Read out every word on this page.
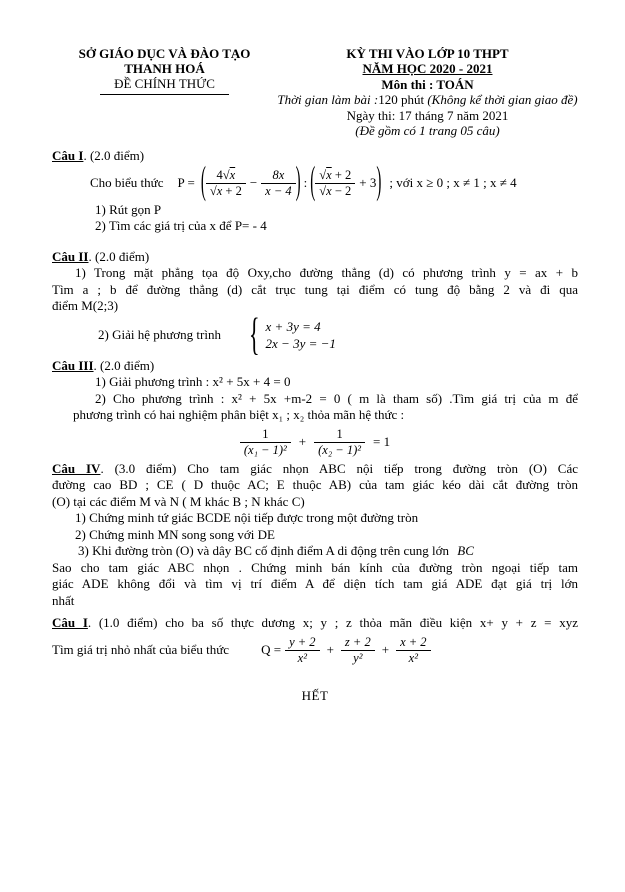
SỞ GIÁO DỤC VÀ ĐÀO TẠO
THANH HOÁ
ĐỀ CHÍNH THỨC
KỲ THI VÀO LỚP 10 THPT
NĂM HỌC 2020 - 2021
Môn thi : TOÁN
Thời gian làm bài :120 phút (Không kể thời gian giao đề)
Ngày thi: 17 tháng 7 năm 2021
(Đề gồm có 1 trang 05 câu)
Câu I. (2.0 điểm)
Cho biểu thức P = ( $\frac{4√x}{√x + 2} - \frac{8x}{x - 4}$ ) : ( $\frac{√x + 2}{√x - 2} + 3$ ) ; với x ≥ 0 ; x ≠ 1 ; x ≠ 4
1) Rút gọn P
2) Tìm các giá trị của x để P= - 4
Câu II. (2.0 điểm)
1) Trong mặt phẳng tọa độ Oxy,cho đường thẳng (d) có phương trình y = ax + b
Tìm a ; b để đường thẳng (d) cắt trục tung tại điểm có tung độ bằng 2 và đi qua
điểm M(2;3)
2) Giải hệ phương trình { x + 3y = 4
2x − 3y = −1
Câu III. (2.0 điểm)
1) Giải phương trình : x² + 5x + 4 = 0
2) Cho phương trình : x² + 5x +m-2 = 0 ( m là tham số) .Tìm giá trị của m để
phương trình có hai nghiệm phân biệt x₁ ; x₂ thỏa mãn hệ thức :
$\frac{1}{\text{(x₁ − 1)²}} + \frac{1}{\text{(x₂ − 1)²}} = 1$
Câu IV. (3.0 điểm) Cho tam giác nhọn ABC nội tiếp trong đường tròn (O) Các
đường cao BD ; CE ( D thuộc AC; E thuộc AB) của tam giác kéo dài cắt đường tròn
(O) tại các điểm M và N ( M khác B ; N khác C)
1) Chứng minh tứ giác BCDE nội tiếp được trong một đường tròn
2) Chứng minh MN song song với DE
3) Khi đường tròn (O) và dây BC cố định điểm A di động trên cung lớn BC
Sao cho tam giác ABC nhọn . Chứng minh bán kính của đường tròn ngoại tiếp tam
giác ADE không đổi và tìm vị trí điểm A để diện tích tam giá ADE đạt giá trị lớn
nhất
Câu I. (1.0 điểm) cho ba số thực dương x; y ; z thỏa mãn điều kiện x+ y + z = xyz
Tìm giá trị nhỏ nhất của biểu thức $Q = \frac{y + 2}{\text{x²}} + \frac{z + 2}{\text{y²}} + \frac{x + 2}{\text{x²}}$
HẾT
